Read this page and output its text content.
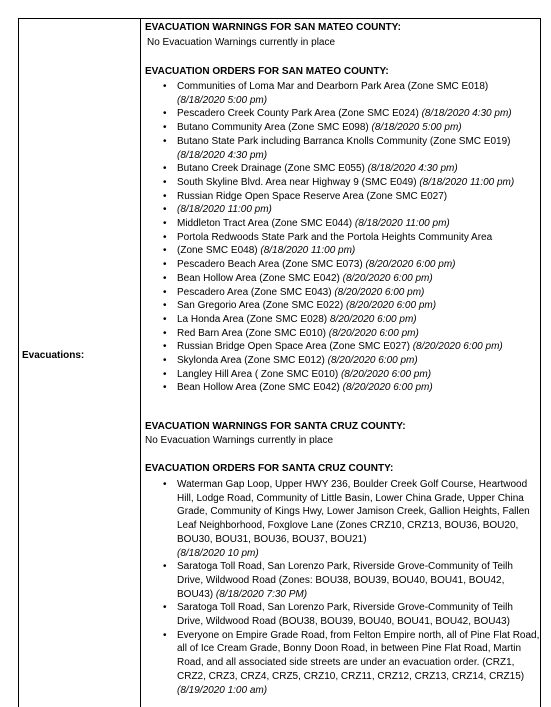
Evacuations:
EVACUATION WARNINGS FOR SAN MATEO COUNTY:
No Evacuation Warnings currently in place
EVACUATION ORDERS FOR SAN MATEO COUNTY:
• Communities of Loma Mar and Dearborn Park Area (Zone SMC E018)
(8/18/2020 5:00 pm)
• Pescadero Creek County Park Area (Zone SMC E024) (8/18/2020 4:30 pm)
• Butano Community Area (Zone SMC E098) (8/18/2020 5:00 pm)
• Butano State Park including Barranca Knolls Community (Zone SMC E019)
(8/18/2020 4:30 pm)
• Butano Creek Drainage (Zone SMC E055) (8/18/2020 4:30 pm)
• South Skyline Blvd. Area near Highway 9 (SMC E049) (8/18/2020 11:00 pm)
• Russian Ridge Open Space Reserve Area (Zone SMC E027)
• (8/18/2020 11:00 pm)
• Middleton Tract Area (Zone SMC E044) (8/18/2020 11:00 pm)
• Portola Redwoods State Park and the Portola Heights Community Area
• (Zone SMC E048) (8/18/2020 11:00 pm)
• Pescadero Beach Area (Zone SMC E073) (8/20/2020 6:00 pm)
• Bean Hollow Area (Zone SMC E042) (8/20/2020 6:00 pm)
• Pescadero Area (Zone SMC E043) (8/20/2020 6:00 pm)
• San Gregorio Area (Zone SMC E022) (8/20/2020 6:00 pm)
• La Honda Area (Zone SMC E028) 8/20/2020 6:00 pm)
• Red Barn Area (Zone SMC E010) (8/20/2020 6:00 pm)
• Russian Bridge Open Space Area (Zone SMC E027) (8/20/2020 6:00 pm)
• Skylonda Area (Zone SMC E012) (8/20/2020 6:00 pm)
• Langley Hill Area ( Zone SMC E010) (8/20/2020 6:00 pm)
• Bean Hollow Area (Zone SMC E042) (8/20/2020 6:00 pm)
EVACUATION WARNINGS FOR SANTA CRUZ COUNTY:
No Evacuation Warnings currently in place
EVACUATION ORDERS FOR SANTA CRUZ COUNTY:
• Waterman Gap Loop, Upper HWY 236, Boulder Creek Golf Course, Heartwood Hill, Lodge Road, Community of Little Basin, Lower China Grade, Upper China Grade, Community of Kings Hwy, Lower Jamison Creek, Gallion Heights, Fallen Leaf Neighborhood, Foxglove Lane (Zones CRZ10, CRZ13, BOU36, BOU20, BOU30, BOU31, BOU36, BOU37, BOU21)
(8/18/2020 10 pm)
• Saratoga Toll Road, San Lorenzo Park, Riverside Grove-Community of Teilh Drive, Wildwood Road (Zones: BOU38, BOU39, BOU40, BOU41, BOU42, BOU43) (8/18/2020 7:30 PM)
• Saratoga Toll Road, San Lorenzo Park, Riverside Grove-Community of Teilh Drive, Wildwood Road (BOU38, BOU39, BOU40, BOU41, BOU42, BOU43)
• Everyone on Empire Grade Road, from Felton Empire north, all of Pine Flat Road, all of Ice Cream Grade, Bonny Doon Road, in between Pine Flat Road, Martin Road, and all associated side streets are under an evacuation order. (CRZ1, CRZ2, CRZ3, CRZ4, CRZ5, CRZ10, CRZ11, CRZ12, CRZ13, CRZ14, CRZ15) (8/19/2020 1:00 am)
